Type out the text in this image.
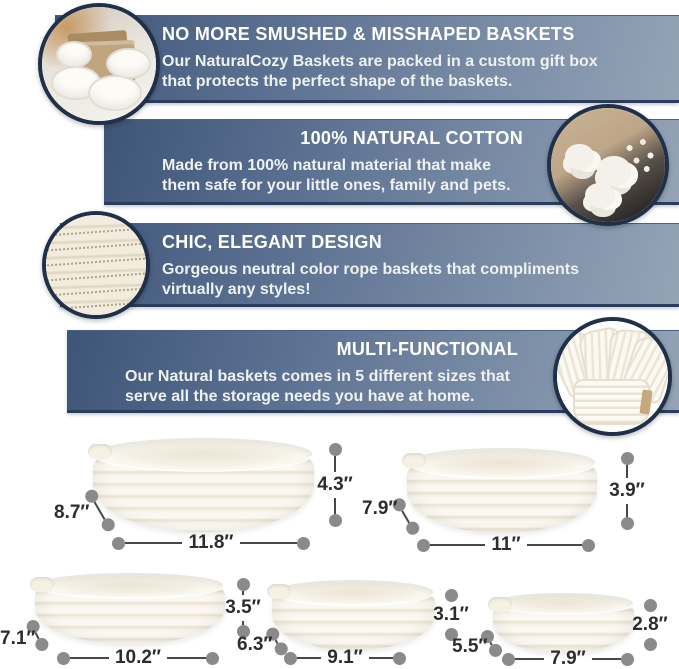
NO MORE SMUSHED & MISSHAPED BASKETS

Our NaturalCozy Baskets are packed in a custom gift box
that protects the perfect shape of the baskets.

100% NATURAL COTTON

Made from 100% natural material that make
them safe for your little ones, family and pets.

CHIC, ELEGANT DESIGN

Gorgeous neutral color rope baskets that compliments
virtually any styles!

MULTI-FUNCTIONAL

Our Natural baskets comes in 5 different sizes that
serve all the storage needs you have at home.

4.3″
8.7″
11.8″
3.9″
7.9″
11″
3.5″
7.1″
10.2″
3.1″
6.3″
9.1″
2.8″
5.5″
7.9″
